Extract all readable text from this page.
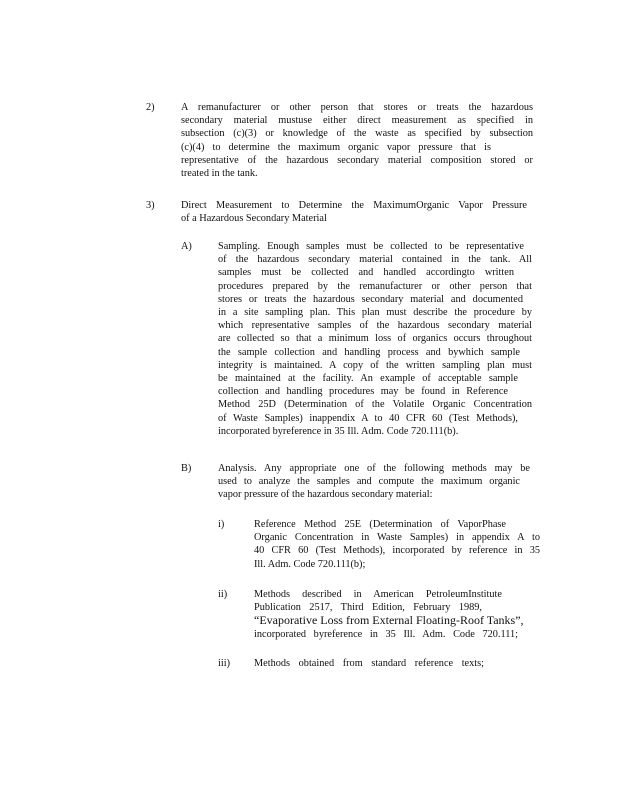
2)	A remanufacturer or other person that stores or treats the hazardous
secondary material mustuse either direct measurement as specified in
subsection (c)(3) or knowledge of the waste as specified by subsection
(c)(4) to determine the maximum organic vapor pressure that is
representative of the hazardous secondary material composition stored or
treated in the tank.
3)	Direct Measurement to Determine the MaximumOrganic Vapor Pressure
of a Hazardous Secondary Material
A)	Sampling. Enough samples must be collected to be representative
of the hazardous secondary material contained in the tank. All
samples must be collected and handled accordingto written
procedures prepared by the remanufacturer or other person that
stores or treats the hazardous secondary material and documented
in a site sampling plan. This plan must describe the procedure by
which representative samples of the hazardous secondary material
are collected so that a minimum loss of organics occurs throughout
the sample collection and handling process and bywhich sample
integrity is maintained. A copy of the written sampling plan must
be maintained at the facility. An example of acceptable sample
collection and handling procedures may be found in Reference
Method 25D (Determination of the Volatile Organic Concentration
of Waste Samples) inappendix A to 40 CFR 60 (Test Methods),
incorporated byreference in 35 Ill. Adm. Code 720.111(b).
B)	Analysis. Any appropriate one of the following methods may be
used to analyze the samples and compute the maximum organic
vapor pressure of the hazardous secondary material:
i)	Reference Method 25E (Determination of VaporPhase
Organic Concentration in Waste Samples) in appendix A to
40 CFR 60 (Test Methods), incorporated by reference in 35
Ill. Adm. Code 720.111(b);
ii)	Methods described in American PetroleumInstitute
Publication 2517, Third Edition, February 1989,
“Evaporative Loss from External Floating-Roof Tanks”,
incorporated byreference in 35 Ill. Adm. Code 720.111;
iii) Methods obtained from standard reference texts;
